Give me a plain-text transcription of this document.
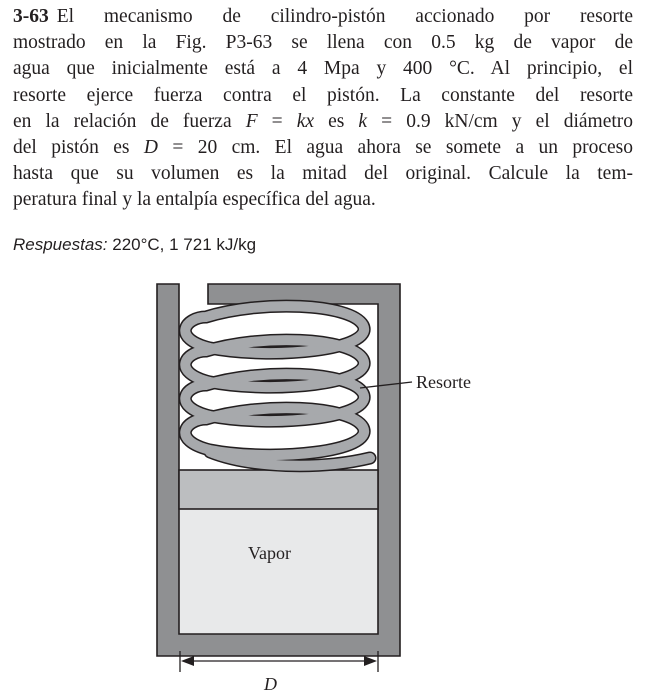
3-63 El mecanismo de cilindro-pistón accionado por resorte
mostrado en la Fig. P3-63 se llena con 0.5 kg de vapor de
agua que inicialmente está a 4 Mpa y 400 °C. Al principio, el
resorte ejerce fuerza contra el pistón. La constante del resorte
en la relación de fuerza F = kx es k = 0.9 kN/cm y el diámetro
del pistón es D = 20 cm. El agua ahora se somete a un proceso
hasta que su volumen es la mitad del original. Calcule la tem-
peratura final y la entalpía específica del agua.
Respuestas: 220°C, 1 721 kJ/kg
Resorte
Vapor
D
